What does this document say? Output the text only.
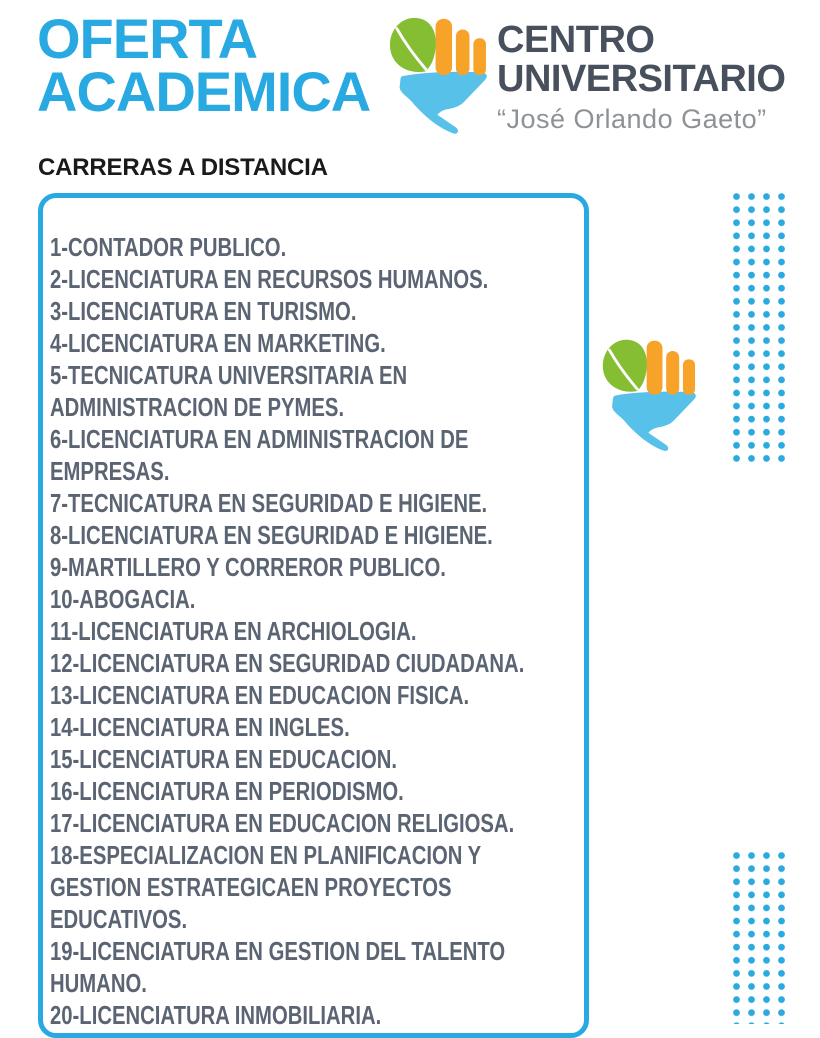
OFERTA
ACADEMICA
CENTRO
UNIVERSITARIO
“José Orlando Gaeto”
CARRERAS A DISTANCIA
1-CONTADOR PUBLICO.
2-LICENCIATURA EN RECURSOS HUMANOS.
3-LICENCIATURA EN TURISMO.
4-LICENCIATURA EN MARKETING.
5-TECNICATURA UNIVERSITARIA EN
ADMINISTRACION DE PYMES.
6-LICENCIATURA EN ADMINISTRACION DE
EMPRESAS.
7-TECNICATURA EN SEGURIDAD E HIGIENE.
8-LICENCIATURA EN SEGURIDAD E HIGIENE.
9-MARTILLERO Y CORREROR PUBLICO.
10-ABOGACIA.
11-LICENCIATURA EN ARCHIOLOGIA.
12-LICENCIATURA EN SEGURIDAD CIUDADANA.
13-LICENCIATURA EN EDUCACION FISICA.
14-LICENCIATURA EN INGLES.
15-LICENCIATURA EN EDUCACION.
16-LICENCIATURA EN PERIODISMO.
17-LICENCIATURA EN EDUCACION RELIGIOSA.
18-ESPECIALIZACION EN PLANIFICACION Y
GESTION ESTRATEGICAEN PROYECTOS
EDUCATIVOS.
19-LICENCIATURA EN GESTION DEL TALENTO
HUMANO.
20-LICENCIATURA INMOBILIARIA.
